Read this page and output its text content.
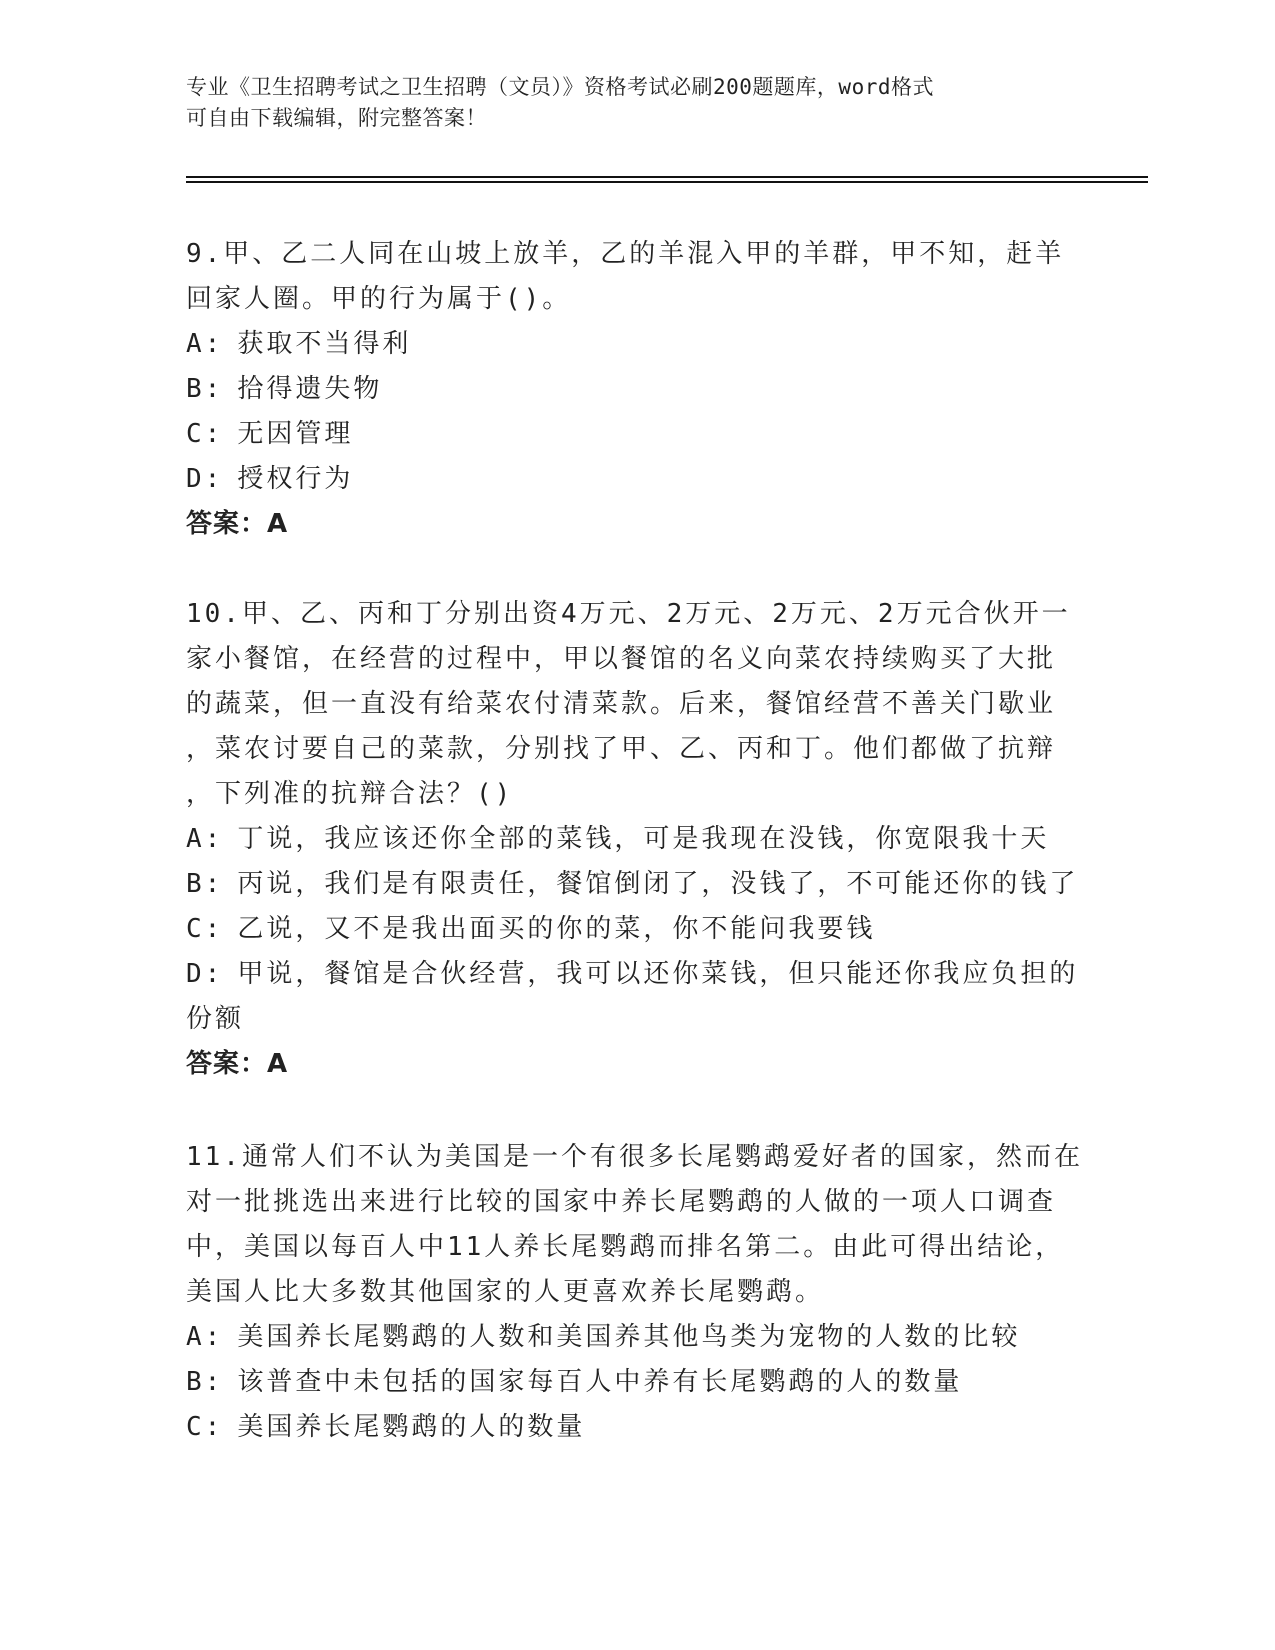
专业《卫生招聘考试之卫生招聘（文员）》资格考试必刷200题题库，word格式
可自由下载编辑，附完整答案！
9.甲、乙二人同在山坡上放羊，乙的羊混入甲的羊群，甲不知，赶羊
回家人圈。甲的行为属于()。
A: 获取不当得利
B: 拾得遗失物
C: 无因管理
D: 授权行为
答案：A
10.甲、乙、丙和丁分别出资4万元、2万元、2万元、2万元合伙开一
家小餐馆，在经营的过程中，甲以餐馆的名义向菜农持续购买了大批
的蔬菜，但一直没有给菜农付清菜款。后来，餐馆经营不善关门歇业
，菜农讨要自己的菜款，分别找了甲、乙、丙和丁。他们都做了抗辩
，下列准的抗辩合法？()
A: 丁说，我应该还你全部的菜钱，可是我现在没钱，你宽限我十天
B: 丙说，我们是有限责任，餐馆倒闭了，没钱了，不可能还你的钱了
C: 乙说，又不是我出面买的你的菜，你不能问我要钱
D: 甲说，餐馆是合伙经营，我可以还你菜钱，但只能还你我应负担的
份额
答案：A
11.通常人们不认为美国是一个有很多长尾鹦鹉爱好者的国家，然而在
对一批挑选出来进行比较的国家中养长尾鹦鹉的人做的一项人口调查
中，美国以每百人中11人养长尾鹦鹉而排名第二。由此可得出结论，
美国人比大多数其他国家的人更喜欢养长尾鹦鹉。
A: 美国养长尾鹦鹉的人数和美国养其他鸟类为宠物的人数的比较
B: 该普查中未包括的国家每百人中养有长尾鹦鹉的人的数量
C: 美国养长尾鹦鹉的人的数量
